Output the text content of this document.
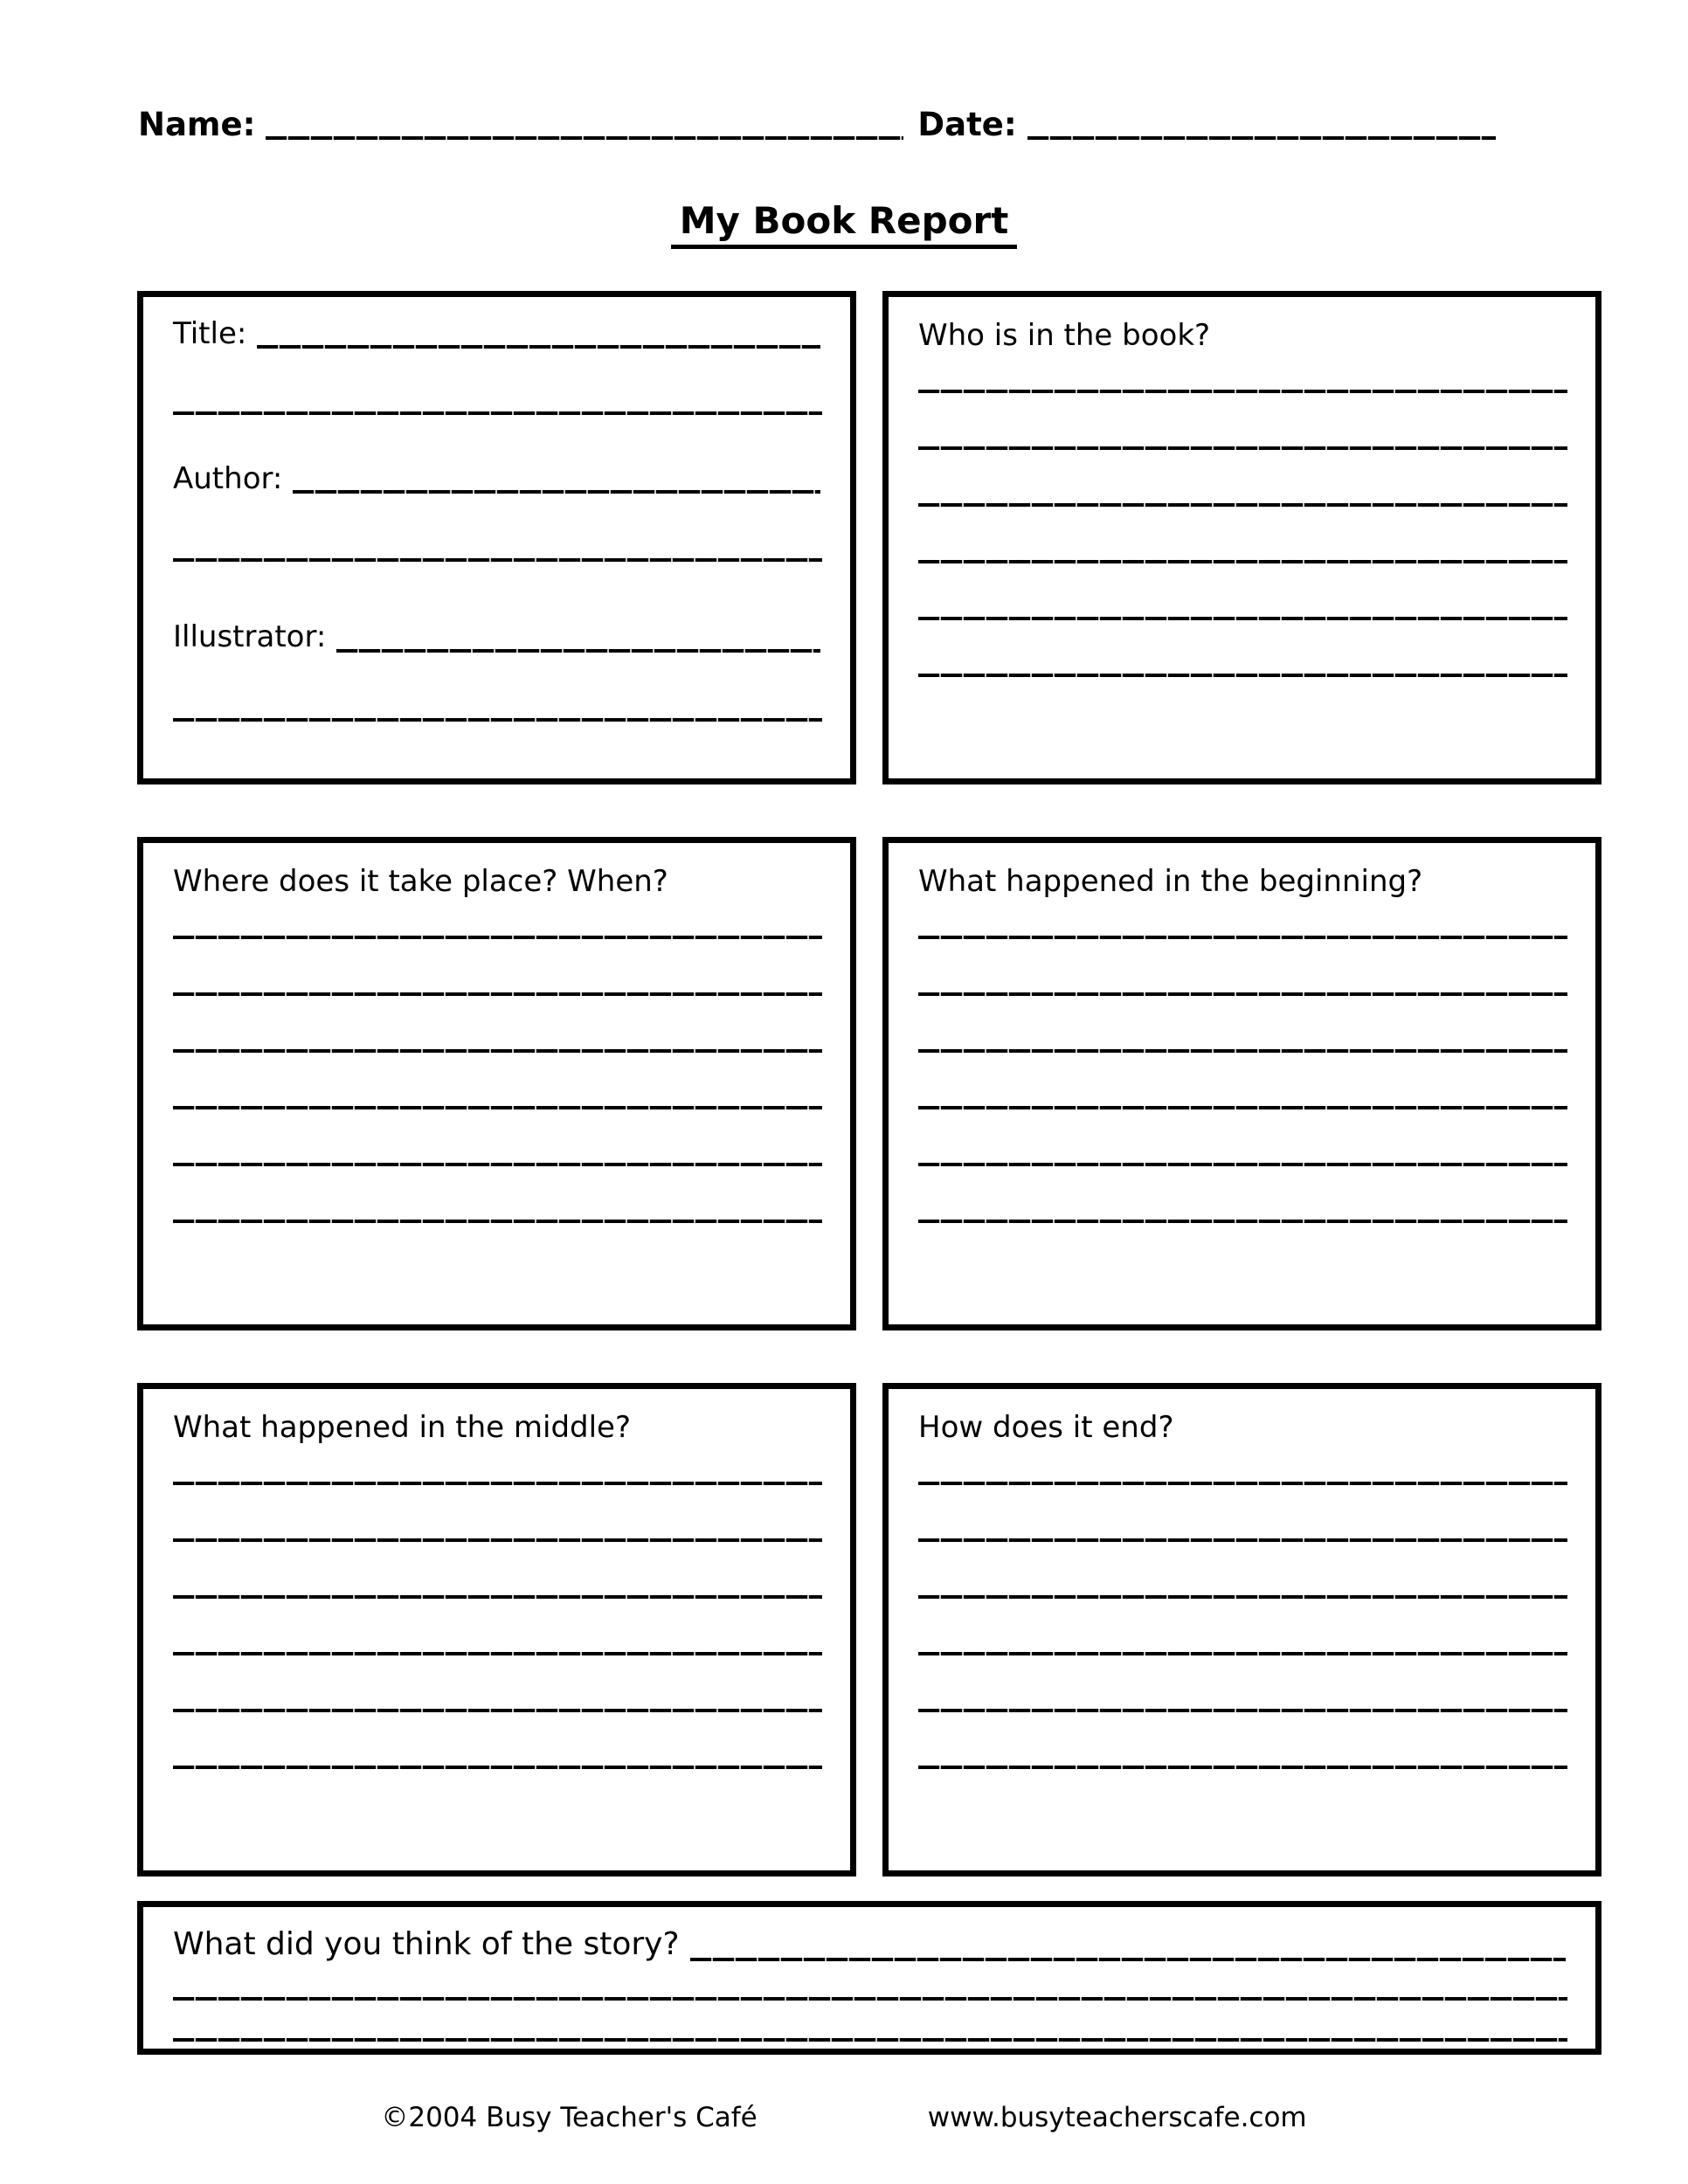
Name:	Date:
My Book Report
Title:
Author:
Illustrator:
Who is in the book?
Where does it take place? When?	What happened in the beginning?
What happened in the middle?	How does it end?
What did you think of the story?
©2004 Busy Teacher's Café	www.busyteacherscafe.com
